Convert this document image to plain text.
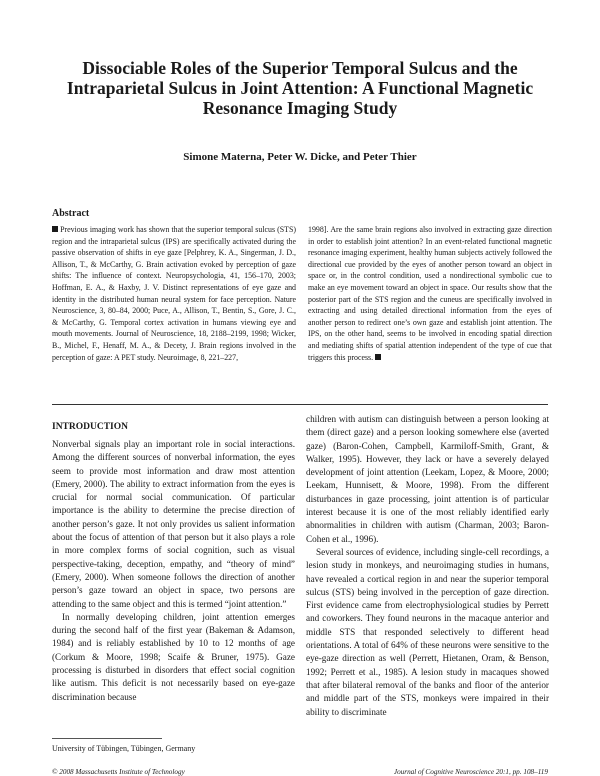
Dissociable Roles of the Superior Temporal Sulcus and the Intraparietal Sulcus in Joint Attention: A Functional Magnetic Resonance Imaging Study
Simone Materna, Peter W. Dicke, and Peter Thier
Abstract

Previous imaging work has shown that the superior temporal sulcus (STS) region and the intraparietal sulcus (IPS) are specifically activated during the passive observation of shifts in eye gaze [Pelphrey, K. A., Singerman, J. D., Allison, T., & McCarthy, G. Brain activation evoked by perception of gaze shifts: The influence of context. Neuropsychologia, 41, 156–170, 2003; Hoffman, E. A., & Haxby, J. V. Distinct representations of eye gaze and identity in the distributed human neural system for face perception. Nature Neuroscience, 3, 80–84, 2000; Puce, A., Allison, T., Bentin, S., Gore, J. C., & McCarthy, G. Temporal cortex activation in humans viewing eye and mouth movements. Journal of Neuroscience, 18, 2188–2199, 1998; Wicker, B., Michel, F., Henaff, M. A., & Decety, J. Brain regions involved in the perception of gaze: A PET study. Neuroimage, 8, 221–227,

1998]. Are the same brain regions also involved in extracting gaze direction in order to establish joint attention? In an event-related functional magnetic resonance imaging experiment, healthy human subjects actively followed the directional cue provided by the eyes of another person toward an object in space or, in the control condition, used a nondirectional symbolic cue to make an eye movement toward an object in space. Our results show that the posterior part of the STS region and the cuneus are specifically involved in extracting and using detailed directional information from the eyes of another person to redirect one’s own gaze and establish joint attention. The IPS, on the other hand, seems to be involved in encoding spatial direction and mediating shifts of spatial attention independent of the type of cue that triggers this process.

INTRODUCTION

Nonverbal signals play an important role in social interactions. Among the different sources of nonverbal information, the eyes seem to provide most information and draw most attention (Emery, 2000). The ability to extract information from the eyes is crucial for normal social communication. Of particular importance is the ability to determine the precise direction of another person’s gaze. It not only provides us salient information about the focus of attention of that person but it also plays a role in more complex forms of social cognition, such as visual perspective-taking, deception, empathy, and “theory of mind” (Emery, 2000). When someone follows the direction of another person’s gaze toward an object in space, two persons are attending to the same object and this is termed “joint attention.”

In normally developing children, joint attention emerges during the second half of the first year (Bakeman & Adamson, 1984) and is reliably established by 10 to 12 months of age (Corkum & Moore, 1998; Scaife & Bruner, 1975). Gaze processing is disturbed in disorders that effect social cognition like autism. This deficit is not necessarily based on eye-gaze discrimination because

children with autism can distinguish between a person looking at them (direct gaze) and a person looking somewhere else (averted gaze) (Baron-Cohen, Campbell, Karmiloff-Smith, Grant, & Walker, 1995). However, they lack or have a severely delayed development of joint attention (Leekam, Lopez, & Moore, 2000; Leekam, Hunnisett, & Moore, 1998). From the different disturbances in gaze processing, joint attention is of particular interest because it is one of the most reliably identified early abnormalities in children with autism (Charman, 2003; Baron-Cohen et al., 1996).

Several sources of evidence, including single-cell recordings, a lesion study in monkeys, and neuroimaging studies in humans, have revealed a cortical region in and near the superior temporal sulcus (STS) being involved in the perception of gaze direction. First evidence came from electrophysiological studies by Perrett and coworkers. They found neurons in the macaque anterior and middle STS that responded selectively to different head orientations. A total of 64% of these neurons were sensitive to the eye-gaze direction as well (Perrett, Hietanen, Oram, & Benson, 1992; Perrett et al., 1985). A lesion study in macaques showed that after bilateral removal of the banks and floor of the anterior and middle part of the STS, monkeys were impaired in their ability to discriminate

University of Tübingen, Tübingen, Germany
© 2008 Massachusetts Institute of Technology	Journal of Cognitive Neuroscience 20:1, pp. 108–119
